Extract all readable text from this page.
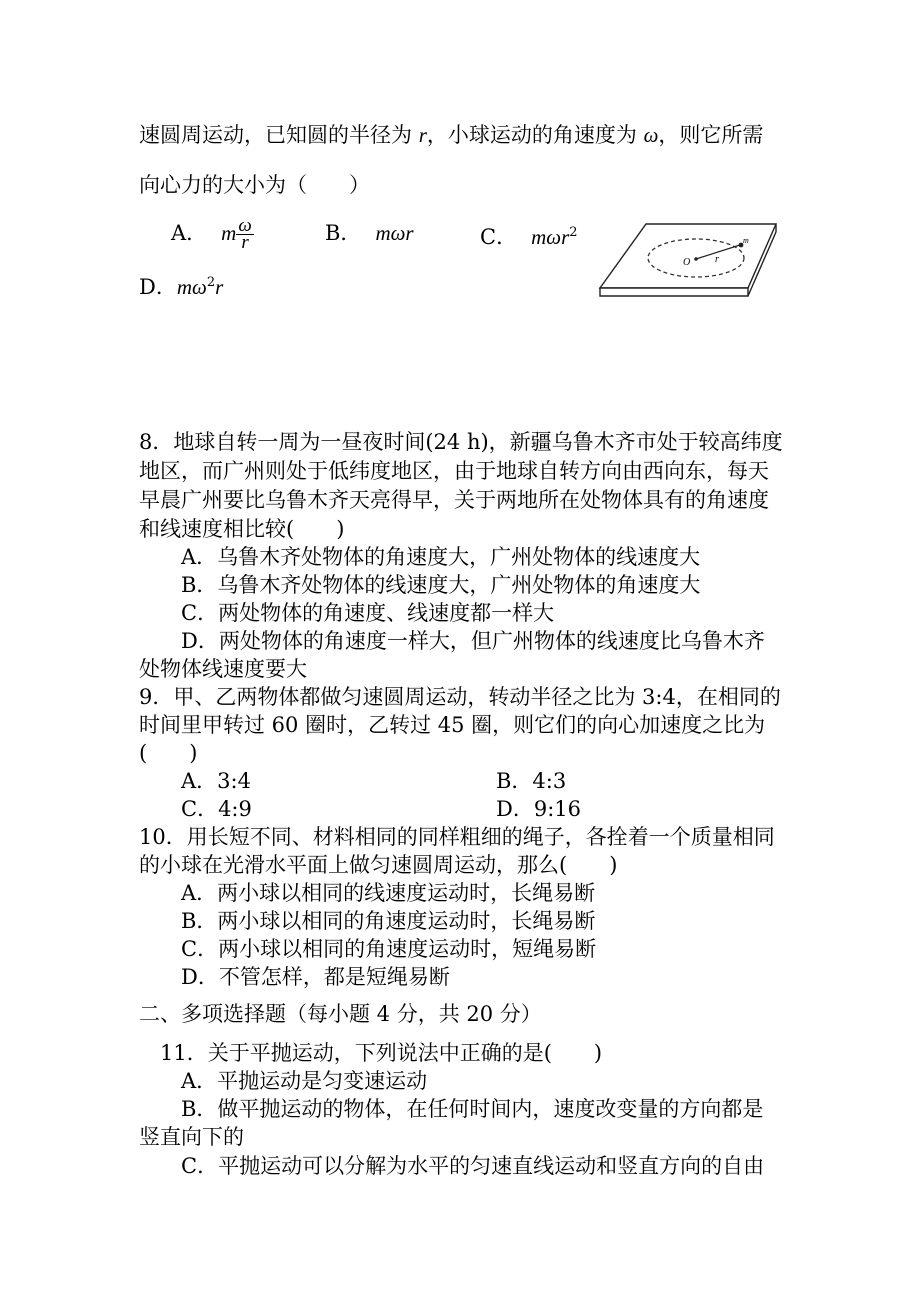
速圆周运动，已知圆的半径为 r，小球运动的角速度为 ω，则它所需
向心力的大小为（　　）
A． m $\frac{\omega}{r}$	B． mωr	C． mωr$^2$
D．$m\omega^2r$
O r
m
8．地球自转一周为一昼夜时间(24 h)，新疆乌鲁木齐市处于较高纬度
地区，而广州则处于低纬度地区，由于地球自转方向由西向东，每天
早晨广州要比乌鲁木齐天亮得早，关于两地所在处物体具有的角速度
和线速度相比较(　　)
A．乌鲁木齐处物体的角速度大，广州处物体的线速度大
B．乌鲁木齐处物体的线速度大，广州处物体的角速度大
C．两处物体的角速度、线速度都一样大
D．两处物体的角速度一样大，但广州物体的线速度比乌鲁木齐
处物体线速度要大
9．甲、乙两物体都做匀速圆周运动，转动半径之比为 3:4，在相同的
时间里甲转过 60 圈时，乙转过 45 圈，则它们的向心加速度之比为
(　　)
A．3:4	B．4:3
C．4:9	D．9:16
10．用长短不同、材料相同的同样粗细的绳子，各拴着一个质量相同
的小球在光滑水平面上做匀速圆周运动，那么(　　)
A．两小球以相同的线速度运动时，长绳易断
B．两小球以相同的角速度运动时，长绳易断
C．两小球以相同的角速度运动时，短绳易断
D．不管怎样，都是短绳易断
二、多项选择题（每小题 4 分，共 20 分）
11．关于平抛运动，下列说法中正确的是(　　)
A．平抛运动是匀变速运动
B．做平抛运动的物体，在任何时间内，速度改变量的方向都是
竖直向下的
C．平抛运动可以分解为水平的匀速直线运动和竖直方向的自由
